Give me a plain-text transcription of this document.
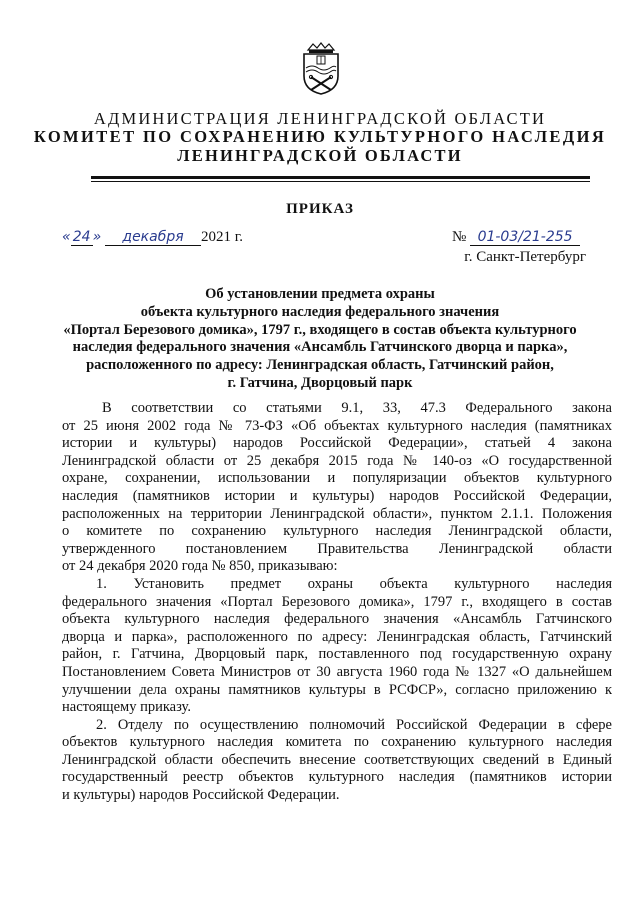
АДМИНИСТРАЦИЯ ЛЕНИНГРАДСКОЙ ОБЛАСТИ
КОМИТЕТ ПО СОХРАНЕНИЮ КУЛЬТУРНОГО НАСЛЕДИЯ
ЛЕНИНГРАДСКОЙ ОБЛАСТИ
ПРИКАЗ
« 24 » декабря 2021 г.	№ 01-03/21-255
г. Санкт-Петербург
Об установлении предмета охраны
объекта культурного наследия федерального значения
«Портал Березового домика», 1797 г., входящего в состав объекта культурного
наследия федерального значения «Ансамбль Гатчинского дворца и парка»,
расположенного по адресу: Ленинградская область, Гатчинский район,
г. Гатчина, Дворцовый парк
В соответствии со статьями 9.1, 33, 47.3 Федерального закона
от 25 июня 2002 года № 73-ФЗ «Об объектах культурного наследия (памятниках
истории и культуры) народов Российской Федерации», статьей 4 закона
Ленинградской области от 25 декабря 2015 года № 140-оз «О государственной
охране, сохранении, использовании и популяризации объектов культурного
наследия (памятников истории и культуры) народов Российской Федерации,
расположенных на территории Ленинградской области», пунктом 2.1.1. Положения
о комитете по сохранению культурного наследия Ленинградской области,
утвержденного постановлением Правительства Ленинградской области
от 24 декабря 2020 года № 850, приказываю:
1. Установить предмет охраны объекта культурного наследия
федерального значения «Портал Березового домика», 1797 г., входящего в состав
объекта культурного наследия федерального значения «Ансамбль Гатчинского
дворца и парка», расположенного по адресу: Ленинградская область, Гатчинский
район, г. Гатчина, Дворцовый парк, поставленного под государственную охрану
Постановлением Совета Министров от 30 августа 1960 года № 1327 «О дальнейшем
улучшении дела охраны памятников культуры в РСФСР», согласно приложению к
настоящему приказу.
2. Отделу по осуществлению полномочий Российской Федерации в сфере
объектов культурного наследия комитета по сохранению культурного наследия
Ленинградской области обеспечить внесение соответствующих сведений в Единый
государственный реестр объектов культурного наследия (памятников истории
и культуры) народов Российской Федерации.
